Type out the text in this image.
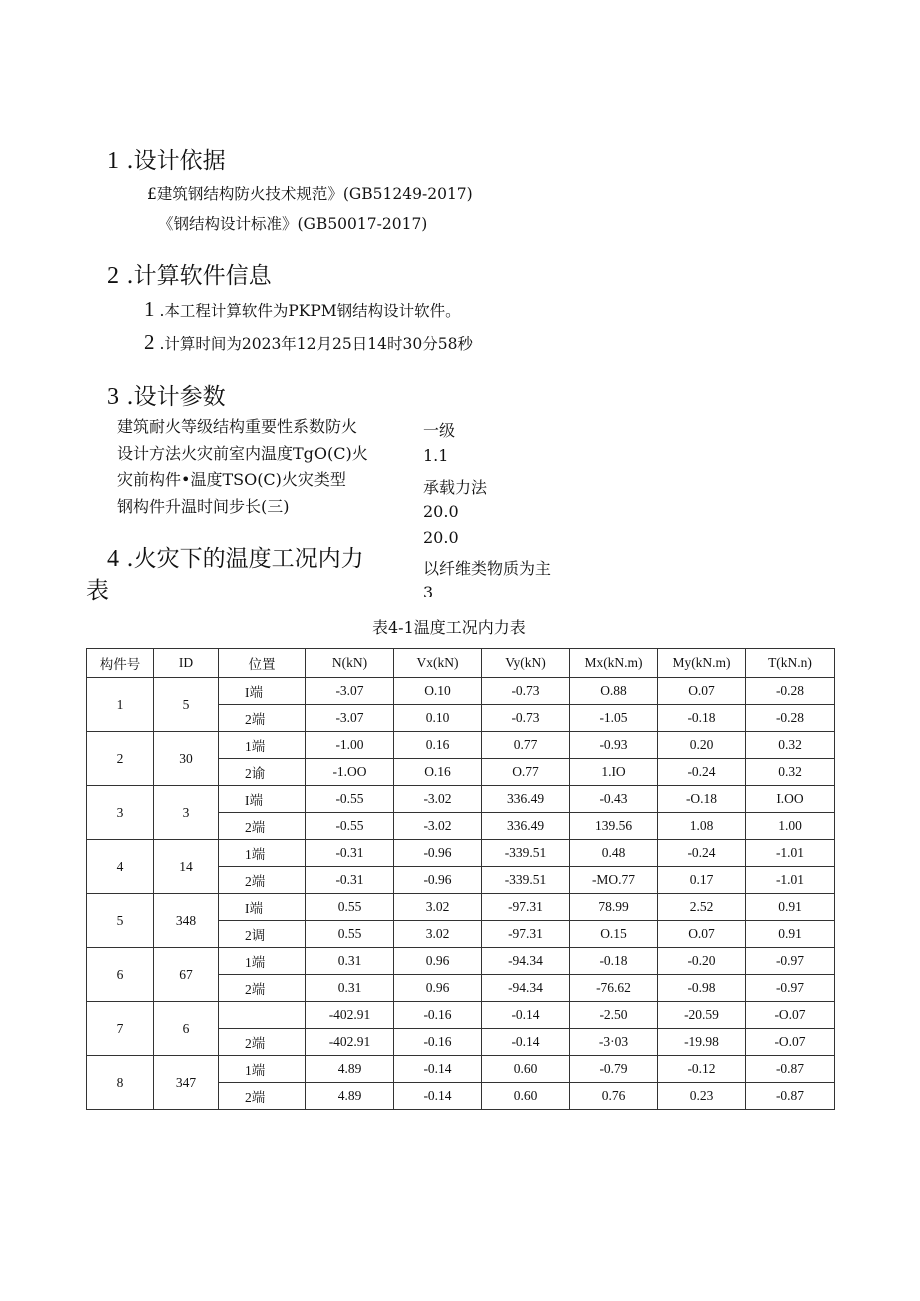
1 .设计依据
£建筑钢结构防火技术规范》(GB51249-2017)
《钢结构设计标准》(GB50017-2017)
2 .计算软件信息
1 .本工程计算软件为PKPM钢结构设计软件。
2 .计算时间为2023年12月25日14时30分58秒
3 .设计参数
建筑耐火等级结构重要性系数防火
设计方法火灾前室内温度TgO(C)火
灾前构件•温度TSO(C)火灾类型
钢构件升温时间步长(三)
一级
1.1
承载力法
20.0
20.0
以纤维类物质为主
3
4 .火灾下的温度工况内力
表
表4-1温度工况内力表
构件号	ID	位置	N(kN)	Vx(kN)	Vy(kN)	Mx(kN.m)	My(kN.m)	T(kN.n)
1	5	I端	-3.07	O.10	-0.73	O.88	O.07	-0.28
		2端	-3.07	0.10	-0.73	-1.05	-0.18	-0.28
2	30	1端	-1.00	0.16	0.77	-0.93	0.20	0.32
		2谕	-1.OO	O.16	O.77	1.IO	-0.24	0.32
3	3	I端	-0.55	-3.02	336.49	-0.43	-O.18	I.OO
		2端	-0.55	-3.02	336.49	139.56	1.08	1.00
4	14	1端	-0.31	-0.96	-339.51	0.48	-0.24	-1.01
		2端	-0.31	-0.96	-339.51	-MO.77	0.17	-1.01
5	348	I端	0.55	3.02	-97.31	78.99	2.52	0.91
		2调	0.55	3.02	-97.31	O.15	O.07	0.91
6	67	1端	0.31	0.96	-94.34	-0.18	-0.20	-0.97
		2端	0.31	0.96	-94.34	-76.62	-0.98	-0.97
7	6		-402.91	-0.16	-0.14	-2.50	-20.59	-O.07
		2端	-402.91	-0.16	-0.14	-3·03	-19.98	-O.07
8	347	1端	4.89	-0.14	0.60	-0.79	-0.12	-0.87
		2端	4.89	-0.14	0.60	0.76	0.23	-0.87
